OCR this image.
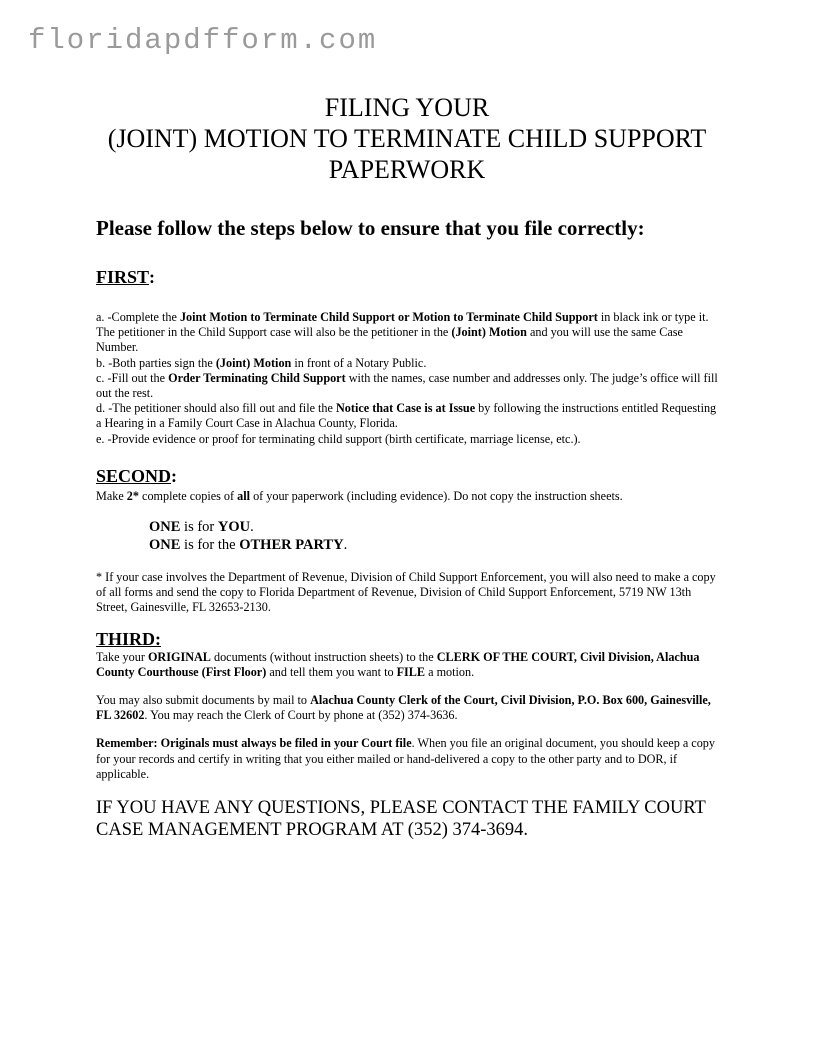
floridapdfform.com
FILING YOUR
(JOINT) MOTION TO TERMINATE CHILD SUPPORT
PAPERWORK
Please follow the steps below to ensure that you file correctly:
FIRST:

a. -Complete the Joint Motion to Terminate Child Support or Motion to Terminate Child Support in black ink or type it. The petitioner in the Child Support case will also be the petitioner in the (Joint) Motion and you will use the same Case Number.

b. -Both parties sign the (Joint) Motion in front of a Notary Public.

c. -Fill out the Order Terminating Child Support with the names, case number and addresses only. The judge’s office will fill out the rest.

d. -The petitioner should also fill out and file the Notice that Case is at Issue by following the instructions entitled Requesting a Hearing in a Family Court Case in Alachua County, Florida.

e. -Provide evidence or proof for terminating child support (birth certificate, marriage license, etc.).

SECOND:
Make 2* complete copies of all of your paperwork (including evidence). Do not copy the instruction sheets.
ONE is for YOU.
ONE is for the OTHER PARTY.
* If your case involves the Department of Revenue, Division of Child Support Enforcement, you will also need to make a copy of all forms and send the copy to Florida Department of Revenue, Division of Child Support Enforcement, 5719 NW 13th Street, Gainesville, FL 32653-2130.
THIRD:
Take your ORIGINAL documents (without instruction sheets) to the CLERK OF THE COURT, Civil Division, Alachua County Courthouse (First Floor) and tell them you want to FILE a motion.
You may also submit documents by mail to Alachua County Clerk of the Court, Civil Division, P.O. Box 600, Gainesville, FL 32602. You may reach the Clerk of Court by phone at (352) 374-3636.
Remember: Originals must always be filed in your Court file. When you file an original document, you should keep a copy for your records and certify in writing that you either mailed or hand-delivered a copy to the other party and to DOR, if applicable.
IF YOU HAVE ANY QUESTIONS, PLEASE CONTACT THE FAMILY COURT CASE MANAGEMENT PROGRAM AT (352) 374-3694.
